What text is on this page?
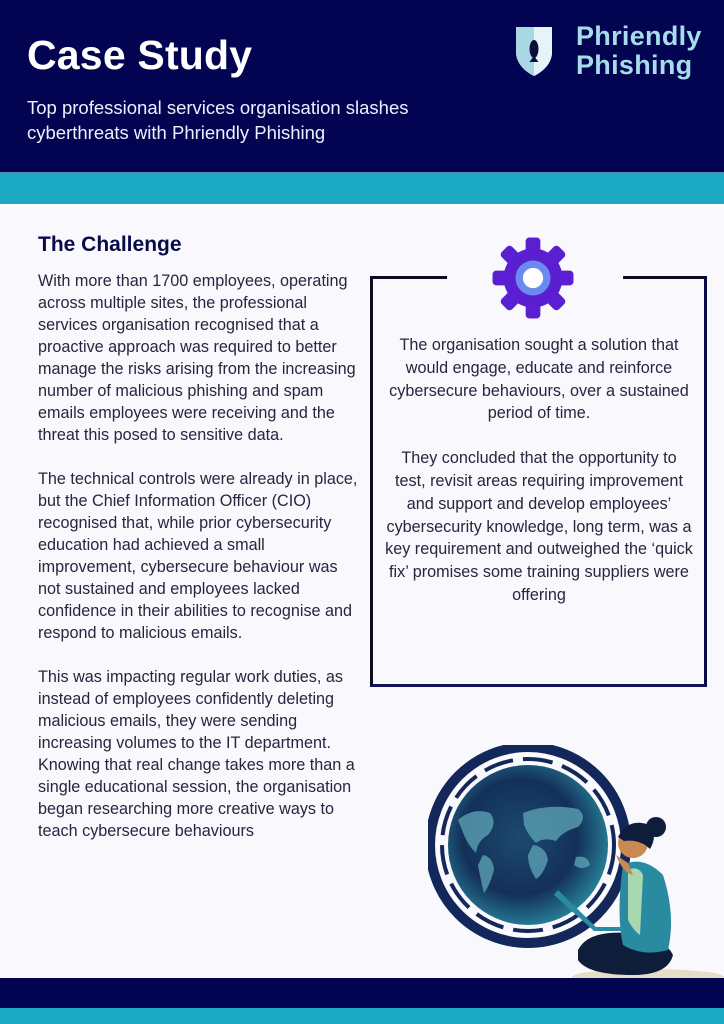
Case Study

Top professional services organisation slashes cyberthreats with Phriendly Phishing

Phriendly
Phishing
The Challenge

With more than 1700 employees, operating across multiple sites, the professional services organisation recognised that a proactive approach was required to better manage the risks arising from the increasing number of malicious phishing and spam emails employees were receiving and the threat this posed to sensitive data.

The technical controls were already in place, but the Chief Information Officer (CIO) recognised that, while prior cybersecurity education had achieved a small improvement, cybersecure behaviour was not sustained and employees lacked confidence in their abilities to recognise and respond to malicious emails.

This was impacting regular work duties, as instead of employees confidently deleting malicious emails, they were sending increasing volumes to the IT department. Knowing that real change takes more than a single educational session, the organisation began researching more creative ways to teach cybersecure behaviours

The organisation sought a solution that would engage, educate and reinforce cybersecure behaviours, over a sustained period of time.

They concluded that the opportunity to test, revisit areas requiring improvement and support and develop employees’ cybersecurity knowledge, long term, was a key requirement and outweighed the ‘quick fix’ promises some training suppliers were offering
